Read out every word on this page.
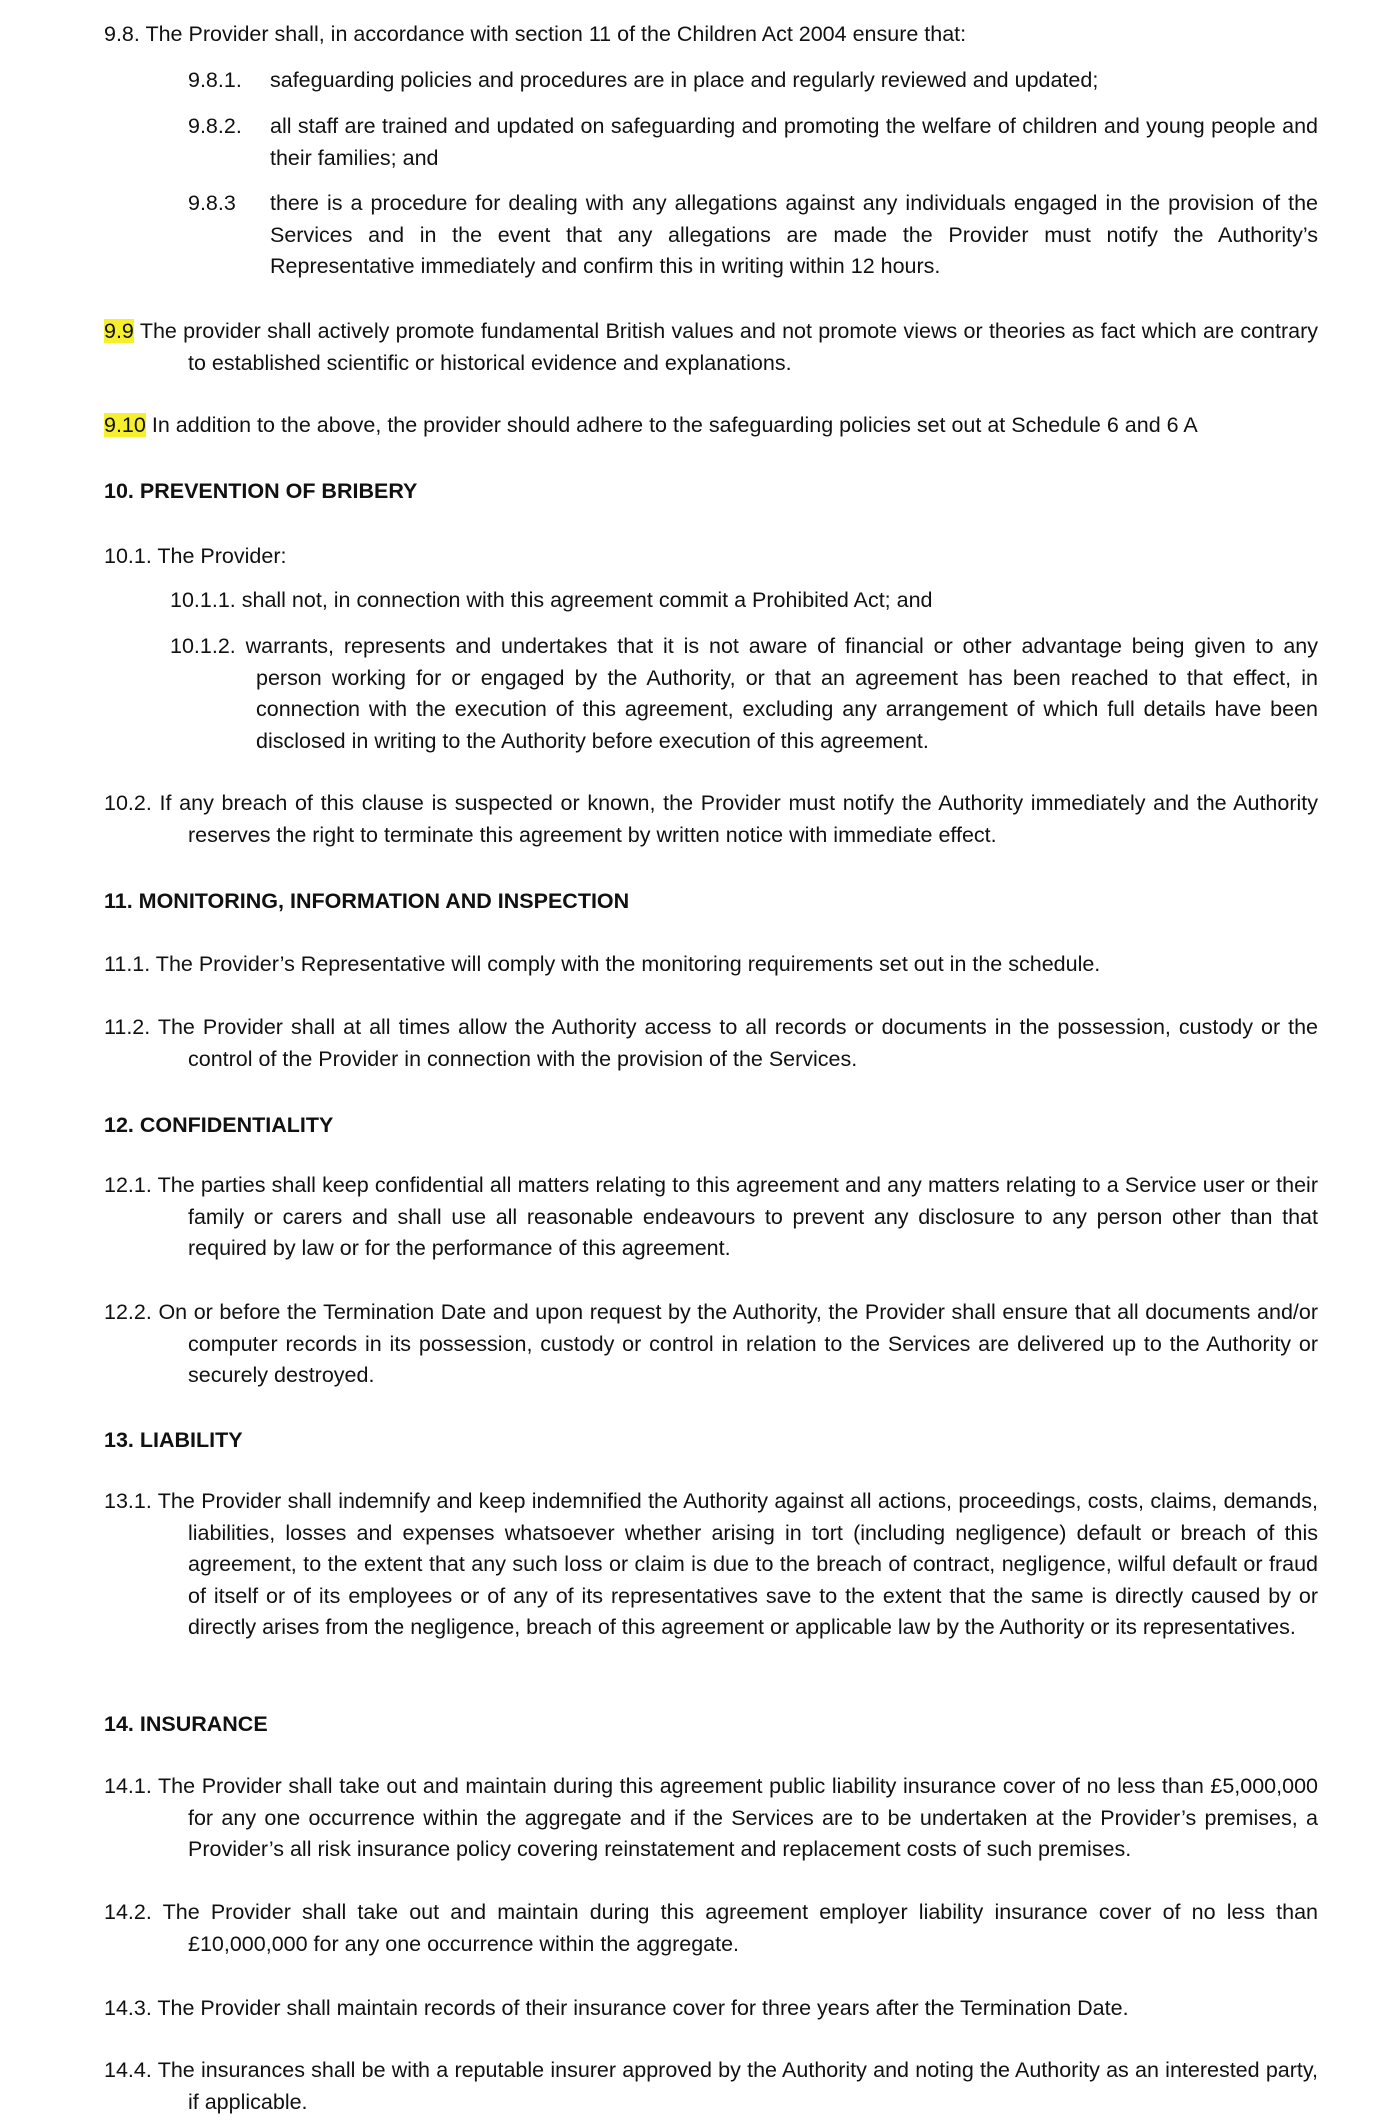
9.8. The Provider shall, in accordance with section 11 of the Children Act 2004 ensure that:
9.8.1. safeguarding policies and procedures are in place and regularly reviewed and updated;
9.8.2. all staff are trained and updated on safeguarding and promoting the welfare of children and young people and their families; and
9.8.3 there is a procedure for dealing with any allegations against any individuals engaged in the provision of the Services and in the event that any allegations are made the Provider must notify the Authority’s Representative immediately and confirm this in writing within 12 hours.
9.9 The provider shall actively promote fundamental British values and not promote views or theories as fact which are contrary to established scientific or historical evidence and explanations.
9.10 In addition to the above, the provider should adhere to the safeguarding policies set out at Schedule 6 and 6 A
10. PREVENTION OF BRIBERY
10.1. The Provider:
10.1.1. shall not, in connection with this agreement commit a Prohibited Act; and
10.1.2. warrants, represents and undertakes that it is not aware of financial or other advantage being given to any person working for or engaged by the Authority, or that an agreement has been reached to that effect, in connection with the execution of this agreement, excluding any arrangement of which full details have been disclosed in writing to the Authority before execution of this agreement.
10.2. If any breach of this clause is suspected or known, the Provider must notify the Authority immediately and the Authority reserves the right to terminate this agreement by written notice with immediate effect.
11. MONITORING, INFORMATION AND INSPECTION
11.1. The Provider’s Representative will comply with the monitoring requirements set out in the schedule.
11.2. The Provider shall at all times allow the Authority access to all records or documents in the possession, custody or the control of the Provider in connection with the provision of the Services.
12. CONFIDENTIALITY
12.1. The parties shall keep confidential all matters relating to this agreement and any matters relating to a Service user or their family or carers and shall use all reasonable endeavours to prevent any disclosure to any person other than that required by law or for the performance of this agreement.
12.2. On or before the Termination Date and upon request by the Authority, the Provider shall ensure that all documents and/or computer records in its possession, custody or control in relation to the Services are delivered up to the Authority or securely destroyed.
13. LIABILITY
13.1. The Provider shall indemnify and keep indemnified the Authority against all actions, proceedings, costs, claims, demands, liabilities, losses and expenses whatsoever whether arising in tort (including negligence) default or breach of this agreement, to the extent that any such loss or claim is due to the breach of contract, negligence, wilful default or fraud of itself or of its employees or of any of its representatives save to the extent that the same is directly caused by or directly arises from the negligence, breach of this agreement or applicable law by the Authority or its representatives.
14. INSURANCE
14.1. The Provider shall take out and maintain during this agreement public liability insurance cover of no less than £5,000,000 for any one occurrence within the aggregate and if the Services are to be undertaken at the Provider’s premises, a Provider’s all risk insurance policy covering reinstatement and replacement costs of such premises.
14.2. The Provider shall take out and maintain during this agreement employer liability insurance cover of no less than £10,000,000 for any one occurrence within the aggregate.
14.3. The Provider shall maintain records of their insurance cover for three years after the Termination Date.
14.4. The insurances shall be with a reputable insurer approved by the Authority and noting the Authority as an interested party, if applicable.
